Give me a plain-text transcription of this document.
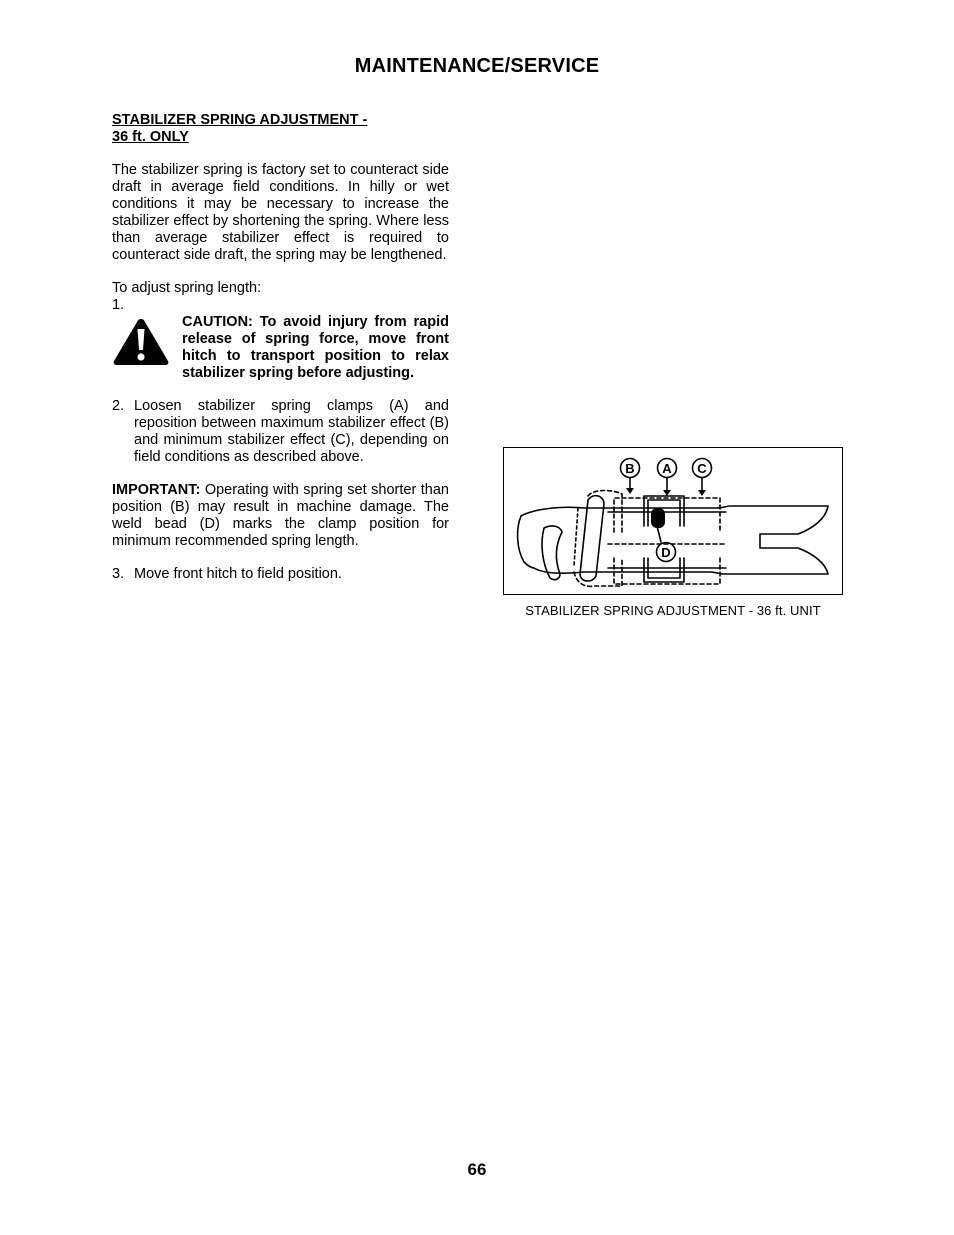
MAINTENANCE/SERVICE

STABILIZER SPRING ADJUSTMENT -
36 ft. ONLY

The stabilizer spring is factory set to counteract side draft in average field conditions. In hilly or wet conditions it may be necessary to increase the stabilizer effect by shortening the spring. Where less than average stabilizer effect is required to counteract side draft, the spring may be lengthened.

To adjust spring length:

1.

CAUTION: To avoid injury from rapid release of spring force, move front hitch to transport position to relax stabilizer spring before adjusting.
2. Loosen stabilizer spring clamps (A) and reposition between maximum stabilizer effect (B) and minimum stabilizer effect (C), depending on field conditions as described above.

IMPORTANT: Operating with spring set shorter than position (B) may result in machine damage. The weld bead (D) marks the clamp position for minimum recommended spring length.

3. Move front hitch to field position.
B A C
D
STABILIZER SPRING ADJUSTMENT - 36 ft. UNIT
66
